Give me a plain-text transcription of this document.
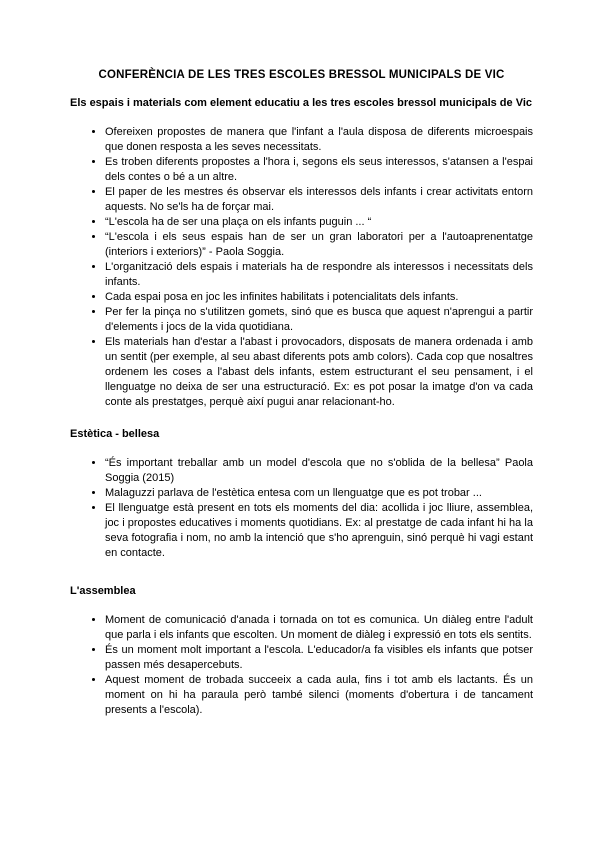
CONFERÈNCIA DE LES TRES ESCOLES BRESSOL MUNICIPALS DE VIC
Els espais i materials com element educatiu a les tres escoles bressol municipals de Vic
• Ofereixen propostes de manera que l'infant a l'aula disposa de diferents microespais que donen resposta a les seves necessitats.
• Es troben diferents propostes a l'hora i, segons els seus interessos, s'atansen a l'espai dels contes o bé a un altre.
• El paper de les mestres és observar els interessos dels infants i crear activitats entorn aquests. No se'ls ha de forçar mai.
• “L'escola ha de ser una plaça on els infants puguin ... “
• “L'escola i els seus espais han de ser un gran laboratori per a l'autoaprenentatge (interiors i exteriors)” - Paola Soggia.
• L'organització dels espais i materials ha de respondre als interessos i necessitats dels infants.
• Cada espai posa en joc les infinites habilitats i potencialitats dels infants.
• Per fer la pinça no s'utilitzen gomets, sinó que es busca que aquest n'aprengui a partir d'elements i jocs de la vida quotidiana.
• Els materials han d'estar a l'abast i provocadors, disposats de manera ordenada i amb un sentit (per exemple, al seu abast diferents pots amb colors). Cada cop que nosaltres ordenem les coses a l'abast dels infants, estem estructurant el seu pensament, i el llenguatge no deixa de ser una estructuració. Ex: es pot posar la imatge d'on va cada conte als prestatges, perquè així pugui anar relacionant-ho.
Estètica - bellesa
• “És important treballar amb un model d'escola que no s'oblida de la bellesa” Paola Soggia (2015)
• Malaguzzi parlava de l'estètica entesa com un llenguatge que es pot trobar ...
• El llenguatge està present en tots els moments del dia: acollida i joc lliure, assemblea, joc i propostes educatives i moments quotidians. Ex: al prestatge de cada infant hi ha la seva fotografia i nom, no amb la intenció que s'ho aprenguin, sinó perquè hi vagi estant en contacte.
L'assemblea
• Moment de comunicació d'anada i tornada on tot es comunica. Un diàleg entre l'adult que parla i els infants que escolten. Un moment de diàleg i expressió en tots els sentits.
• És un moment molt important a l'escola. L'educador/a fa visibles els infants que potser passen més desapercebuts.
• Aquest moment de trobada succeeix a cada aula, fins i tot amb els lactants. És un moment on hi ha paraula però també silenci (moments d'obertura i de tancament presents a l'escola).
